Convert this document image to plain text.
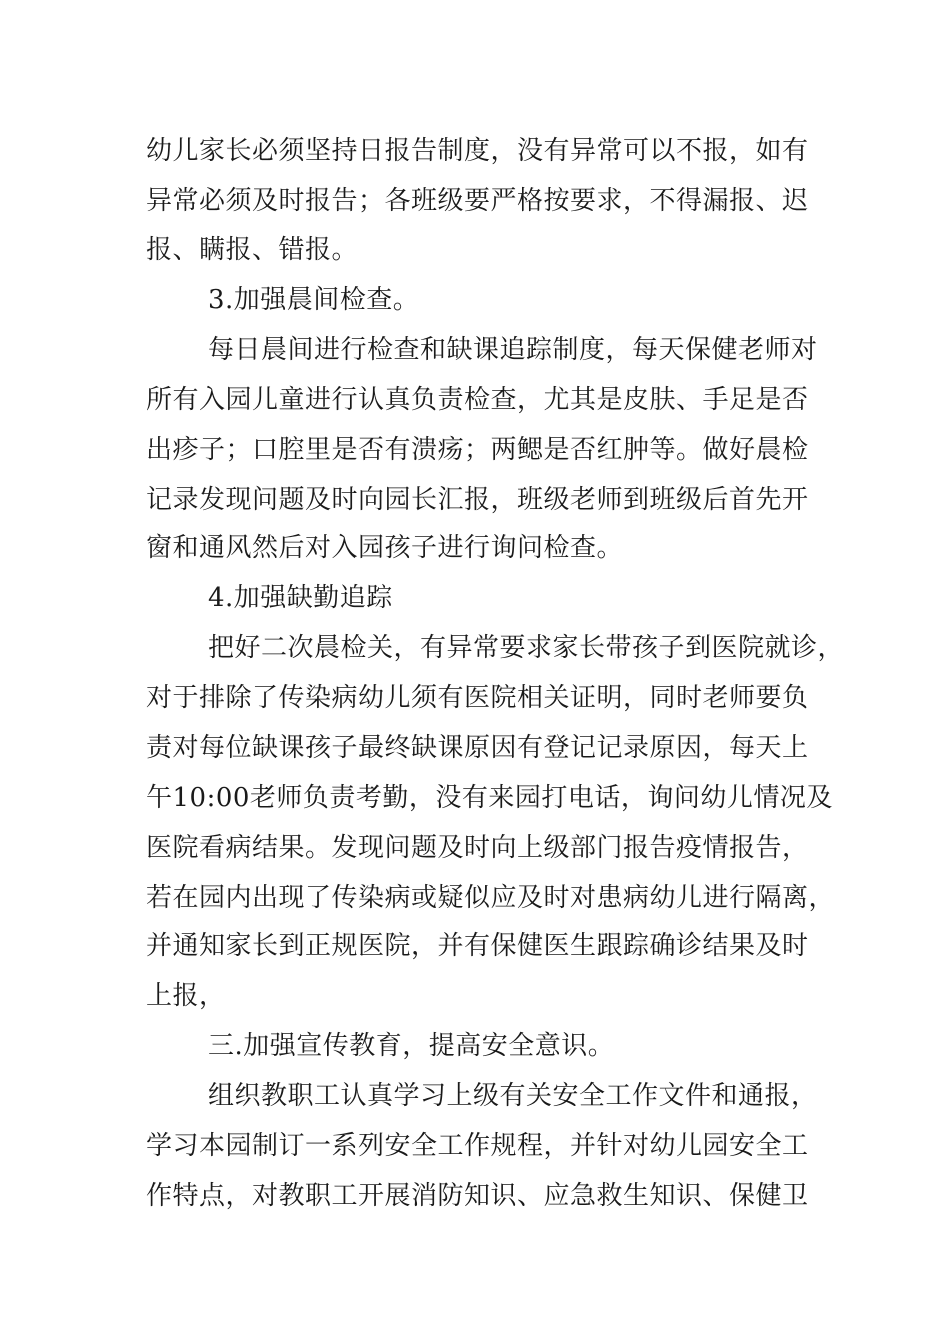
幼儿家长必须坚持日报告制度，没有异常可以不报，如有
异常必须及时报告；各班级要严格按要求，不得漏报、迟
报、瞒报、错报。
3.加强晨间检查。
每日晨间进行检查和缺课追踪制度，每天保健老师对
所有入园儿童进行认真负责检查，尤其是皮肤、手足是否
出疹子；口腔里是否有溃疡；两鳃是否红肿等。做好晨检
记录发现问题及时向园长汇报，班级老师到班级后首先开
窗和通风然后对入园孩子进行询问检查。
4.加强缺勤追踪
把好二次晨检关，有异常要求家长带孩子到医院就诊，
对于排除了传染病幼儿须有医院相关证明，同时老师要负
责对每位缺课孩子最终缺课原因有登记记录原因，每天上
午10:00老师负责考勤，没有来园打电话，询问幼儿情况及
医院看病结果。发现问题及时向上级部门报告疫情报告，
若在园内出现了传染病或疑似应及时对患病幼儿进行隔离，
并通知家长到正规医院，并有保健医生跟踪确诊结果及时
上报，
三.加强宣传教育，提高安全意识。
组织教职工认真学习上级有关安全工作文件和通报，
学习本园制订一系列安全工作规程，并针对幼儿园安全工
作特点，对教职工开展消防知识、应急救生知识、保健卫
